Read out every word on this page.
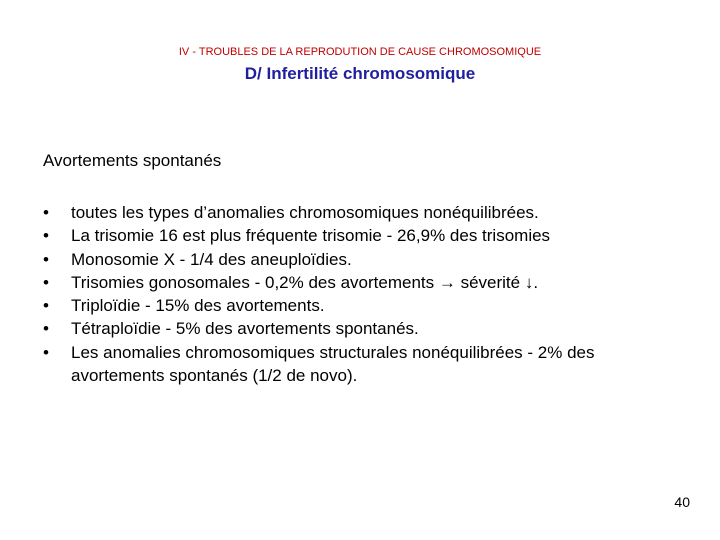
IV - TROUBLES DE LA REPRODUTION DE CAUSE CHROMOSOMIQUE
D/ Infertilité chromosomique
Avortements spontanés
• toutes les types d’anomalies chromosomiques nonéquilibrées.
• La trisomie 16 est plus fréquente trisomie - 26,9% des trisomies
• Monosomie X - 1/4 des aneuploïdies.
• Trisomies gonosomales - 0,2% des avortements → séverité ↓.
• Triploïdie - 15% des avortements.
• Tétraploïdie - 5% des avortements spontanés.
• Les anomalies chromosomiques structurales nonéquilibrées - 2% des avortements spontanés (1/2 de novo).
40
